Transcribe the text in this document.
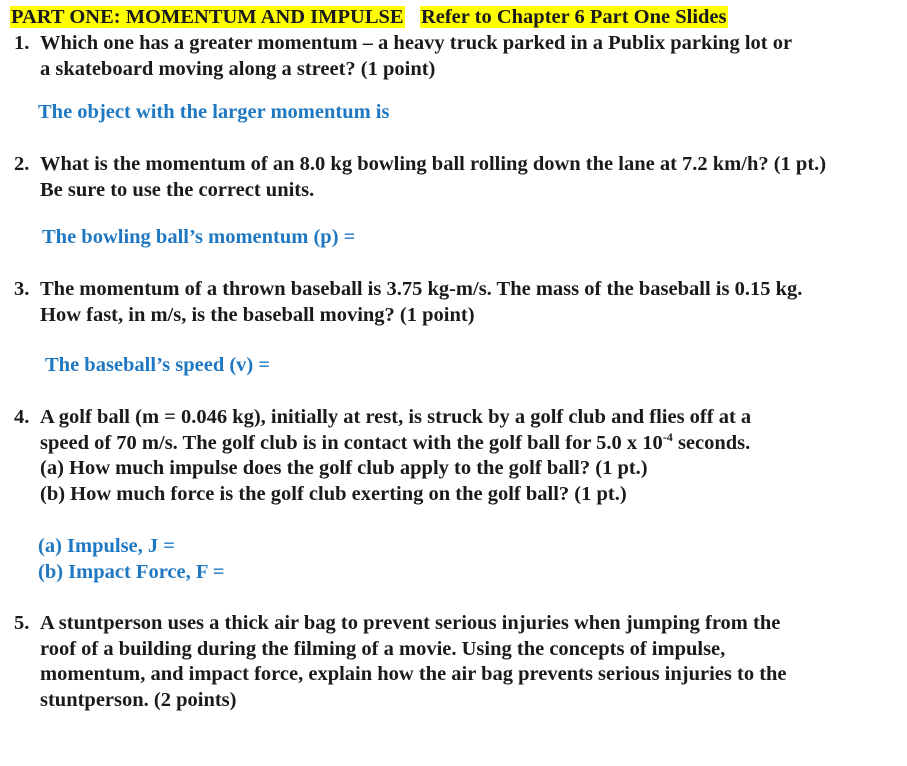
PART ONE: MOMENTUM AND IMPULSE Refer to Chapter 6 Part One Slides
1. Which one has a greater momentum – a heavy truck parked in a Publix parking lot or
a skateboard moving along a street? (1 point)
The object with the larger momentum is
2. What is the momentum of an 8.0 kg bowling ball rolling down the lane at 7.2 km/h? (1 pt.)
Be sure to use the correct units.
The bowling ball’s momentum (p) =
3. The momentum of a thrown baseball is 3.75 kg-m/s. The mass of the baseball is 0.15 kg.
How fast, in m/s, is the baseball moving? (1 point)
The baseball’s speed (v) =
4. A golf ball (m = 0.046 kg), initially at rest, is struck by a golf club and flies off at a
speed of 70 m/s. The golf club is in contact with the golf ball for 5.0 x $10^{-4}$ seconds.
(a) How much impulse does the golf club apply to the golf ball? (1 pt.)
(b) How much force is the golf club exerting on the golf ball? (1 pt.)
(a) Impulse, J =
(b) Impact Force, F =
5. A stuntperson uses a thick air bag to prevent serious injuries when jumping from the
roof of a building during the filming of a movie. Using the concepts of impulse,
momentum, and impact force, explain how the air bag prevents serious injuries to the
stuntperson. (2 points)
